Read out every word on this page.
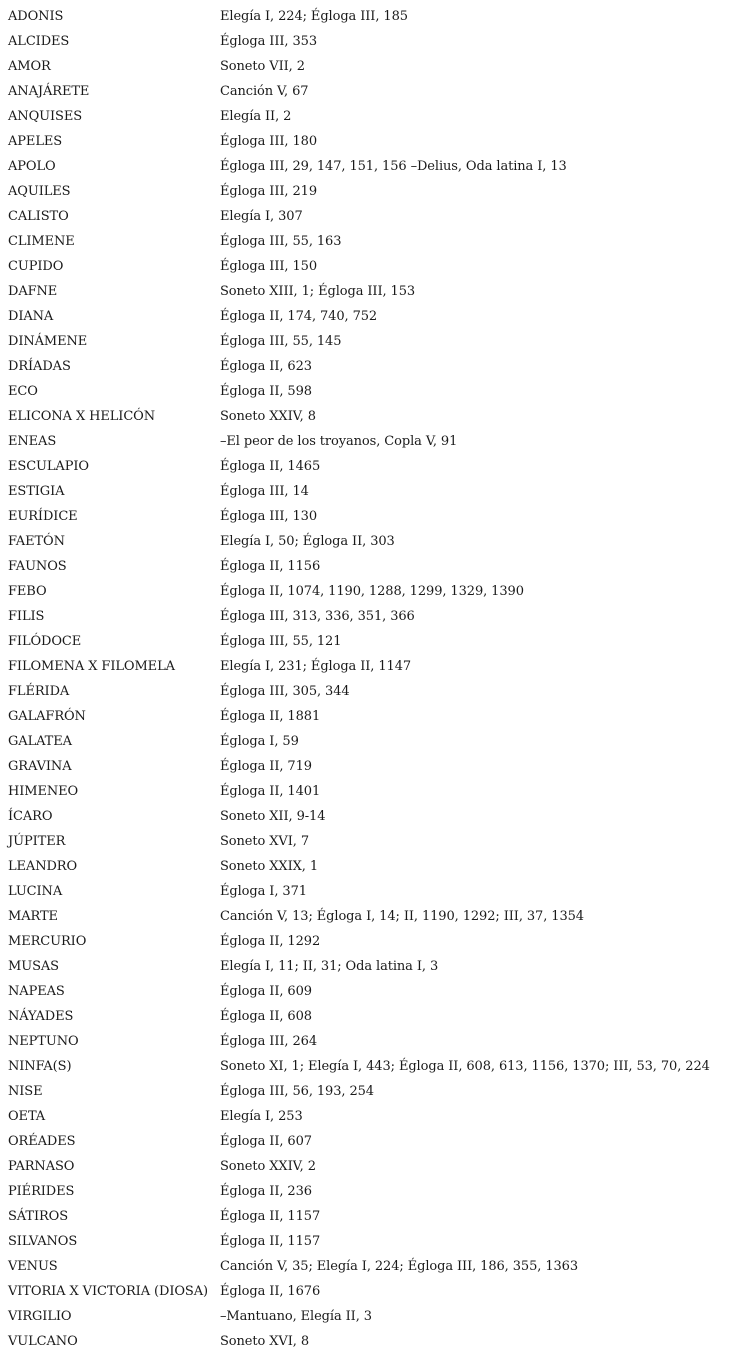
ADONIS	Elegía I, 224; Égloga III, 185
ALCIDES	Égloga III, 353
AMOR	Soneto VII, 2
ANAJÁRETE	Canción V, 67
ANQUISES	Elegía II, 2
APELES	Égloga III, 180
APOLO	Égloga III, 29, 147, 151, 156 –Delius, Oda latina I, 13
AQUILES	Égloga III, 219
CALISTO	Elegía I, 307
CLIMENE	Égloga III, 55, 163
CUPIDO	Égloga III, 150
DAFNE	Soneto XIII, 1; Égloga III, 153
DIANA	Égloga II, 174, 740, 752
DINÁMENE	Égloga III, 55, 145
DRÍADAS	Égloga II, 623
ECO	Égloga II, 598
ELICONA X HELICÓN	Soneto XXIV, 8
ENEAS	–El peor de los troyanos, Copla V, 91
ESCULAPIO	Égloga II, 1465
ESTIGIA	Égloga III, 14
EURÍDICE	Égloga III, 130
FAETÓN	Elegía I, 50; Égloga II, 303
FAUNOS	Égloga II, 1156
FEBO	Égloga II, 1074, 1190, 1288, 1299, 1329, 1390
FILIS	Égloga III, 313, 336, 351, 366
FILÓDOCE	Égloga III, 55, 121
FILOMENA X FILOMELA	Elegía I, 231; Égloga II, 1147
FLÉRIDA	Égloga III, 305, 344
GALAFRÓN	Égloga II, 1881
GALATEA	Égloga I, 59
GRAVINA	Égloga II, 719
HIMENEO	Égloga II, 1401
ÍCARO	Soneto XII, 9-14
JÚPITER	Soneto XVI, 7
LEANDRO	Soneto XXIX, 1
LUCINA	Égloga I, 371
MARTE	Canción V, 13; Égloga I, 14; II, 1190, 1292; III, 37, 1354
MERCURIO	Égloga II, 1292
MUSAS	Elegía I, 11; II, 31; Oda latina I, 3
NAPEAS	Égloga II, 609
NÁYADES	Égloga II, 608
NEPTUNO	Égloga III, 264
NINFA(S)	Soneto XI, 1; Elegía I, 443; Égloga II, 608, 613, 1156, 1370; III, 53, 70, 224
NISE	Égloga III, 56, 193, 254
OETA	Elegía I, 253
ORÉADES	Égloga II, 607
PARNASO	Soneto XXIV, 2
PIÉRIDES	Égloga II, 236
SÁTIROS	Égloga II, 1157
SILVANOS	Égloga II, 1157
VENUS	Canción V, 35; Elegía I, 224; Égloga III, 186, 355, 1363
VITORIA X VICTORIA (DIOSA) Égloga II, 1676
VIRGILIO	–Mantuano, Elegía II, 3
VULCANO	Soneto XVI, 8
